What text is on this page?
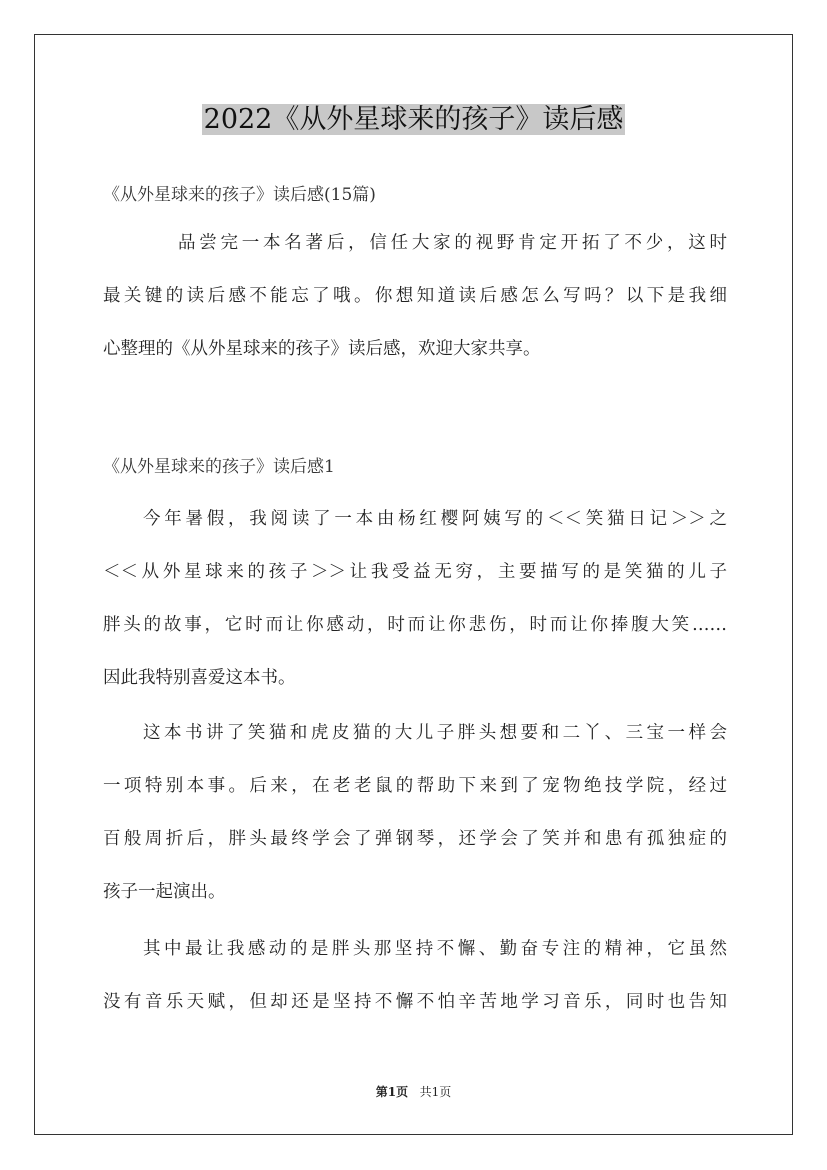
2022《从外星球来的孩子》读后感
《从外星球来的孩子》读后感(15篇)
品尝完一本名著后，信任大家的视野肯定开拓了不少，这时
最关键的读后感不能忘了哦。你想知道读后感怎么写吗？以下是我细
心整理的《从外星球来的孩子》读后感，欢迎大家共享。
《从外星球来的孩子》读后感1
今年暑假，我阅读了一本由杨红樱阿姨写的＜＜笑猫日记＞＞之
＜＜从外星球来的孩子＞＞让我受益无穷，主要描写的是笑猫的儿子
胖头的故事，它时而让你感动，时而让你悲伤，时而让你捧腹大笑……
因此我特别喜爱这本书。
这本书讲了笑猫和虎皮猫的大儿子胖头想要和二丫、三宝一样会
一项特别本事。后来，在老老鼠的帮助下来到了宠物绝技学院，经过
百般周折后，胖头最终学会了弹钢琴，还学会了笑并和患有孤独症的
孩子一起演出。
其中最让我感动的是胖头那坚持不懈、勤奋专注的精神，它虽然
没有音乐天赋，但却还是坚持不懈不怕辛苦地学习音乐，同时也告知
第1页 共1页
